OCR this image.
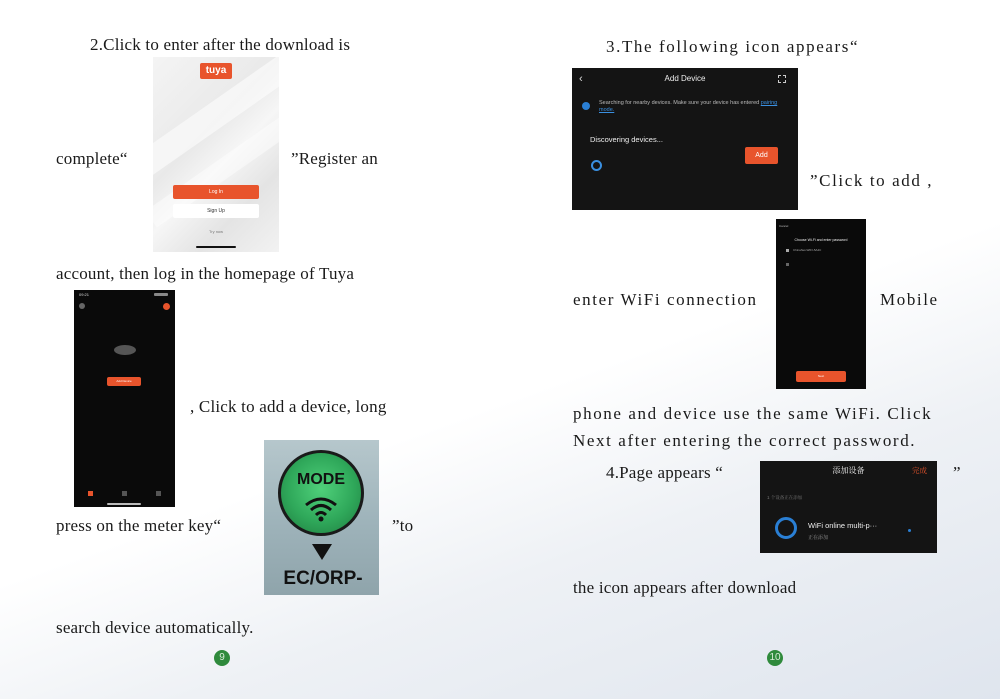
2.Click to enter after the download is
tuya
Log In
Sign Up
Try now
complete“	”Register an
account, then log in the homepage of Tuya
09:21
Add Device
, Click to add a device, long
MODE
EC/ORP-
press on the meter key“	”to
search device automatically.
9
3.The following icon appears“
‹	Add Device
Searching for nearby devices. Make sure your device has entered pairing mode.
Discovering devices...
Add
”Click to add ,
Cancel
Choose Wi-Fi and enter password
ChinaNet-WIFI-5A4C
Next
enter WiFi connection	Mobile
phone and device use the same WiFi. Click
Next after entering the correct password.
4.Page appears “	添加设备	完成
1 个设备正在添加
WiFi online multi-p···
正在添加
”
the icon appears after download
10
